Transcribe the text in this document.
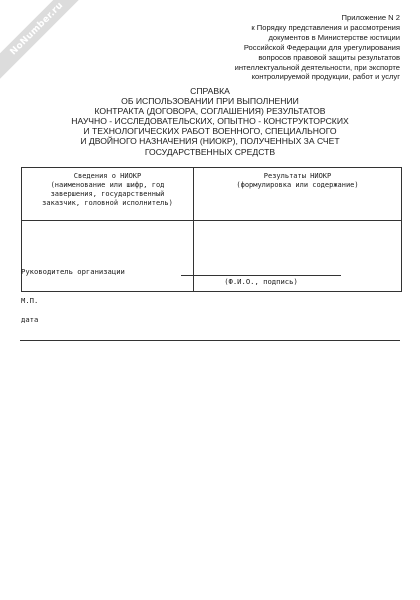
NoNumber.ru	Приложение N 2
к Порядку представления и рассмотрения
документов в Министерстве юстиции
Российской Федерации для урегулирования
вопросов правовой защиты результатов
интеллектуальной деятельности, при экспорте
контролируемой продукции, работ и услуг
СПРАВКА
ОБ ИСПОЛЬЗОВАНИИ ПРИ ВЫПОЛНЕНИИ
КОНТРАКТА (ДОГОВОРА, СОГЛАШЕНИЯ) РЕЗУЛЬТАТОВ
НАУЧНО - ИССЛЕДОВАТЕЛЬСКИХ, ОПЫТНО - КОНСТРУКТОРСКИХ
И ТЕХНОЛОГИЧЕСКИХ РАБОТ ВОЕННОГО, СПЕЦИАЛЬНОГО
И ДВОЙНОГО НАЗНАЧЕНИЯ (НИОКР), ПОЛУЧЕННЫХ ЗА СЧЕТ
ГОСУДАРСТВЕННЫХ СРЕДСТВ
Сведения о НИОКР
(наименование или шифр, год
завершения, государственный
заказчик, головной исполнитель)	Результаты НИОКР
(формулировка или содержание)

Руководитель организации
(Ф.И.О., подпись)
М.П.
дата
